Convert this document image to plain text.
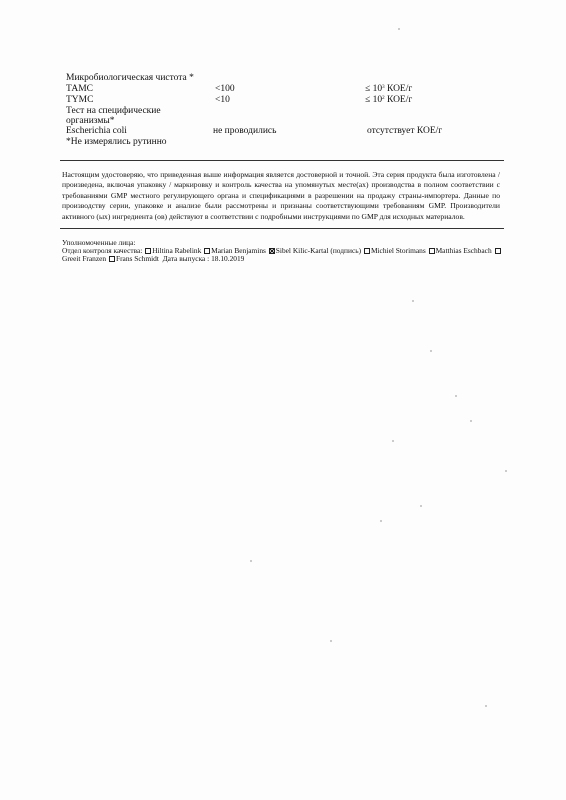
Микробиологическая чистота *
ТАМС	<100	≤ $10^3$ КОЕ/г
ТYМС	<10	≤ $10^2$ КОЕ/г
Тест на специфические
организмы*
Escherichia coli	не проводились	отсутствует КОЕ/г
*Не измерялись рутинно
Настоящим удостоверяю, что приведенная выше информация является достоверной и точной. Эта серия продукта была изготовлена / произведена, включая упаковку / маркировку и контроль качества на упомянутых месте(ах) производства в полном соответствии с требованиями GMP местного регулирующего органа и спецификациями в разрешении на продажу страны-импортера. Данные по производству серии, упаковке и анализе были рассмотрены и признаны соответствующими требованиям GMP. Производители активного (ых) ингредиента (ов) действуют в соответствии с подробными инструкциями по GMP для исходных материалов.
Уполномоченные лица:
Отдел контроля качества: Hiltina Rabelink Marian Benjamins Sibel Kilic-Kartal (подпись) Michiel Storimans Matthias Eschbach
Greeit Franzen Frans Schmidt Дата выпуска : 18.10.2019
